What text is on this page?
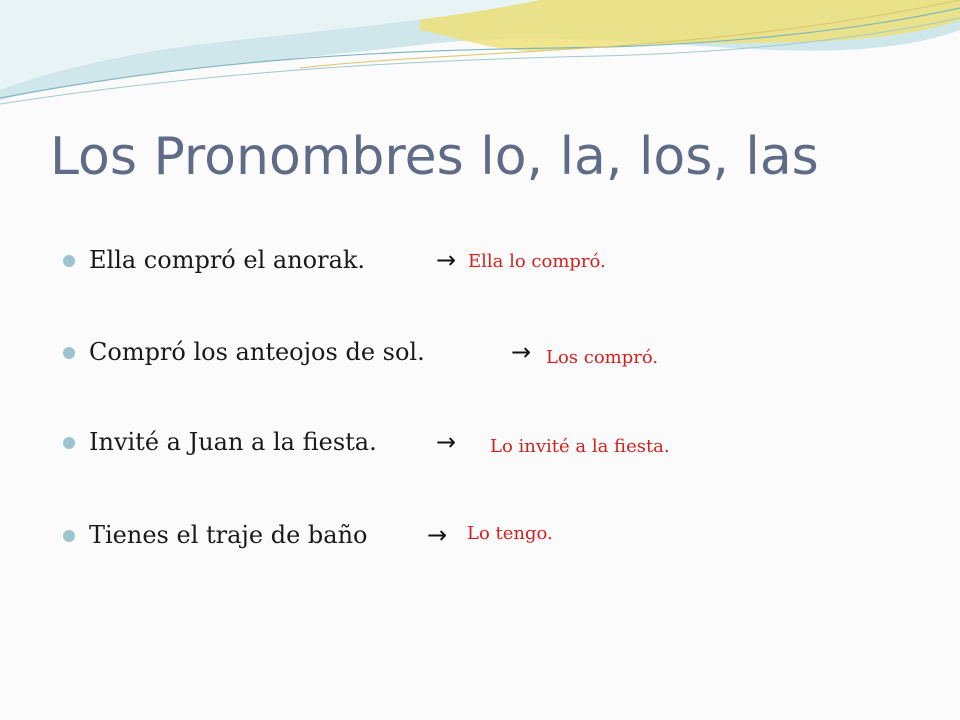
Los Pronombres lo, la, los, las
Ella compró el anorak.	→ Ella lo compró.
Compró los anteojos de sol.	→ Los compró.
Invité a Juan a la fiesta. → Lo invité a la fiesta.
Tienes el traje de baño → Lo tengo.
